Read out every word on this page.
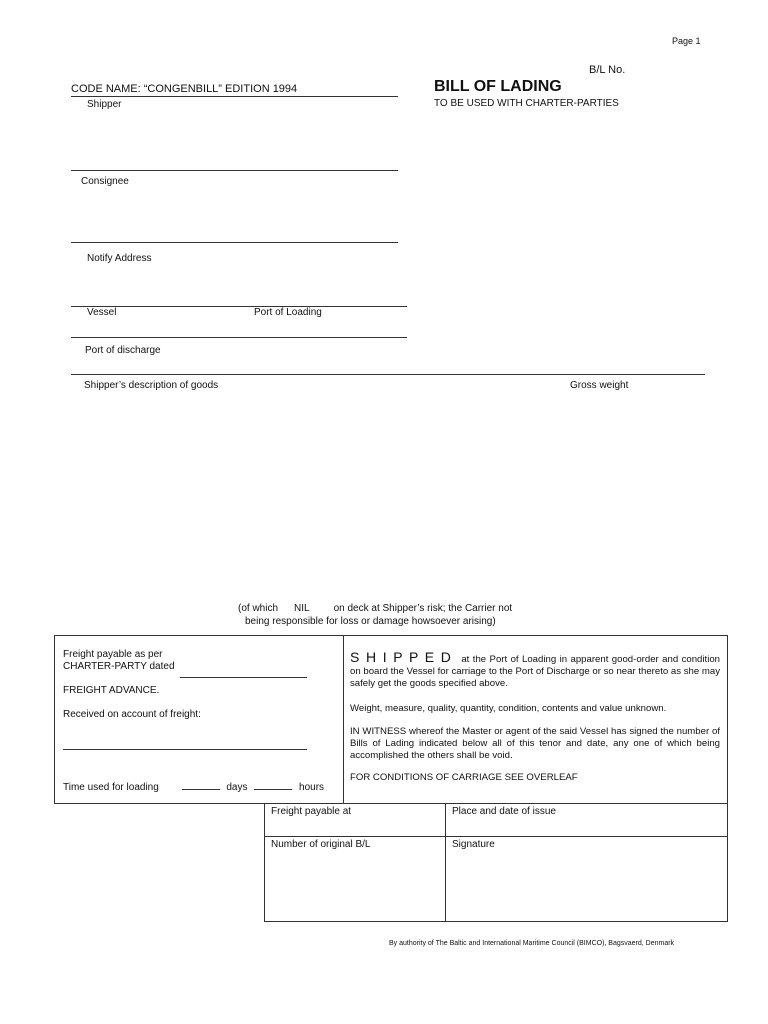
Page 1
B/L No.
BILL OF LADING
TO BE USED WITH CHARTER-PARTIES
CODE NAME: “CONGENBILL” EDITION 1994
Shipper
Consignee
Notify Address
Vessel	Port of Loading
Port of discharge
Shipper’s description of goods	Gross weight
(of which NIL on deck at Shipper’s risk; the Carrier not
being responsible for loss or damage howsoever arising)
Freight payable as per
CHARTER-PARTY dated
FREIGHT ADVANCE.
Received on account of freight:
Time used for loading	days	hours
S H I P P E D at the Port of Loading in apparent good-order and condition on board the Vessel for carriage to the Port of Discharge or so near thereto as she may safely get the goods specified above.
Weight, measure, quality, quantity, condition, contents and value unknown.
IN WITNESS whereof the Master or agent of the said Vessel has signed the number of Bills of Lading indicated below all of this tenor and date, any one of which being accomplished the others shall be void.
FOR CONDITIONS OF CARRIAGE SEE OVERLEAF
Freight payable at	Place and date of issue
Number of original B/L	Signature
By authority of The Baltic and International Maritime Council (BIMCO), Bagsvaerd, Denmark
